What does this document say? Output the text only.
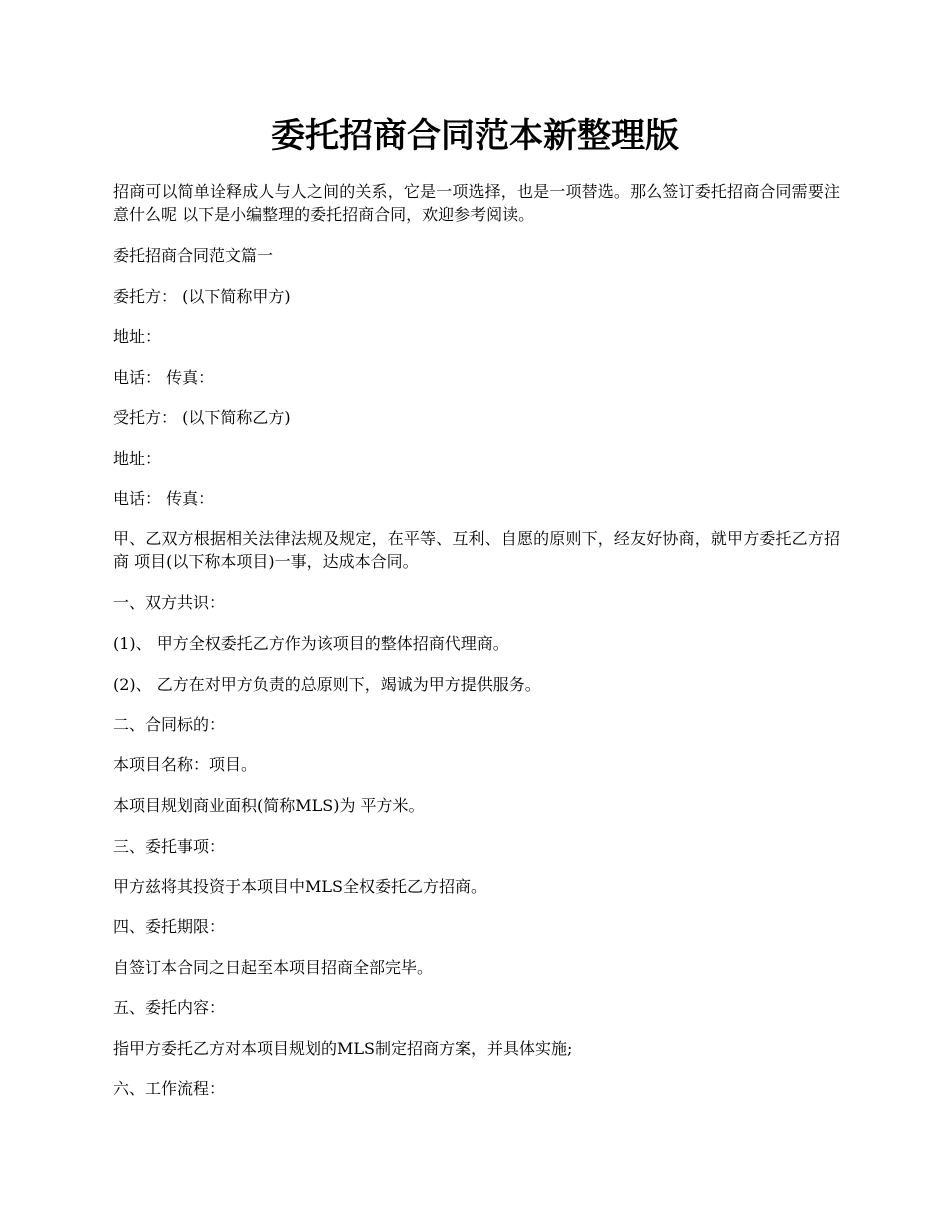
委托招商合同范本新整理版

招商可以简单诠释成人与人之间的关系，它是一项选择，也是一项替选。那么签订委托招商合同需要注意什么呢 以下是小编整理的委托招商合同，欢迎参考阅读。

委托招商合同范文篇一

委托方： (以下简称甲方)

地址：

电话： 传真：

受托方： (以下简称乙方)

地址：

电话： 传真：

甲、乙双方根据相关法律法规及规定，在平等、互利、自愿的原则下，经友好协商，就甲方委托乙方招商 项目(以下称本项目)一事，达成本合同。

一、双方共识：

(1)、 甲方全权委托乙方作为该项目的整体招商代理商。

(2)、 乙方在对甲方负责的总原则下，竭诚为甲方提供服务。

二、合同标的：

本项目名称：项目。

本项目规划商业面积(简称MLS)为 平方米。

三、委托事项：

甲方兹将其投资于本项目中MLS全权委托乙方招商。

四、委托期限：

自签订本合同之日起至本项目招商全部完毕。

五、委托内容：

指甲方委托乙方对本项目规划的MLS制定招商方案，并具体实施;

六、工作流程：
